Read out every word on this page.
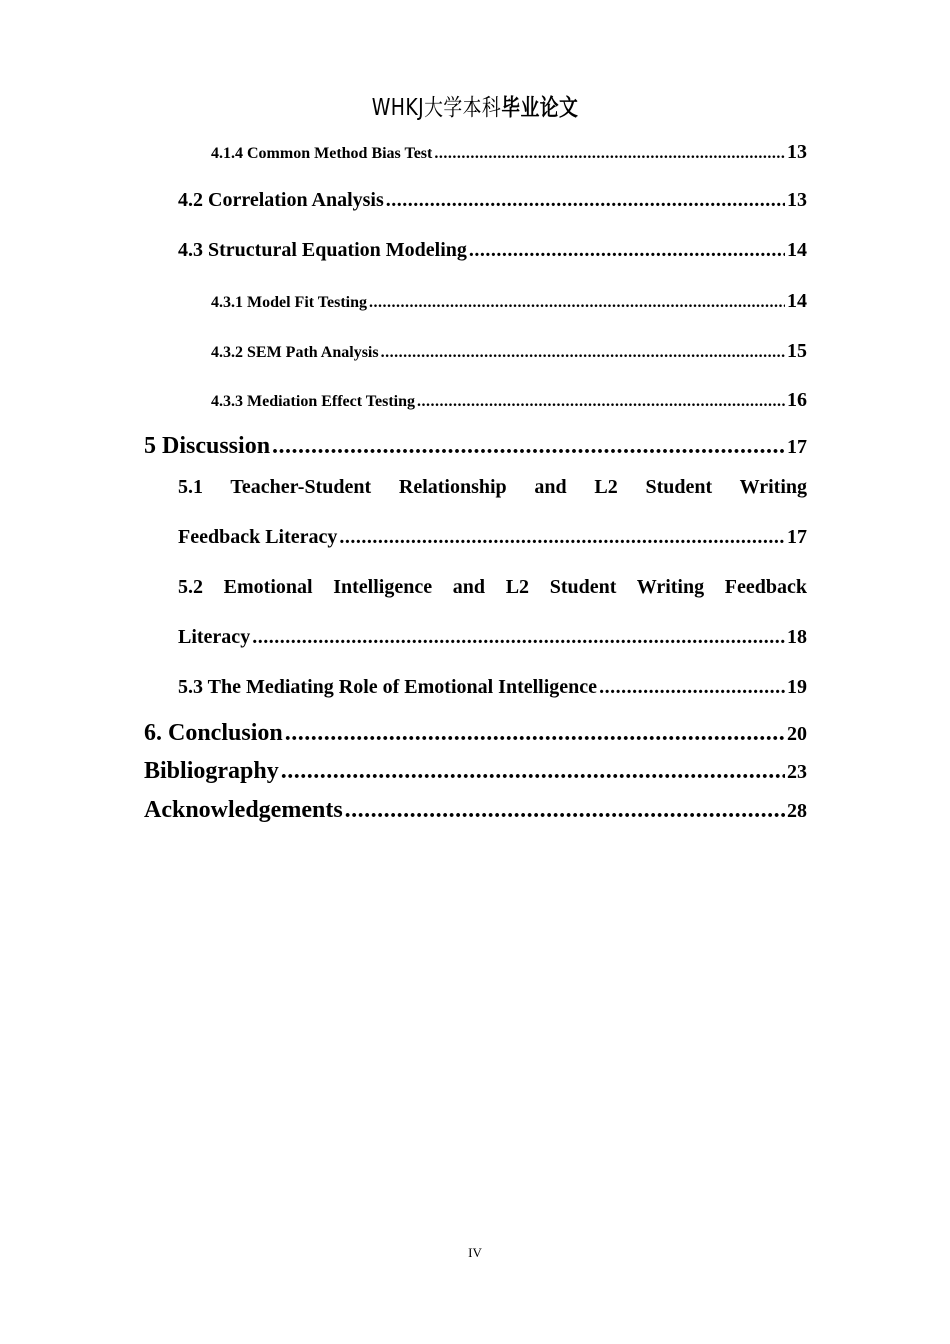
WHKJ大学本科毕业论文
4.1.4 Common Method Bias Test .....	13
4.2 Correlation Analysis .....	13
4.3 Structural Equation Modeling .....	14
4.3.1 Model Fit Testing .....	14
4.3.2 SEM Path Analysis .....	15
4.3.3 Mediation Effect Testing .....	16
5 Discussion .....	17
5.1 Teacher-Student Relationship and L2 Student Writing
Feedback Literacy .....	17
5.2 Emotional Intelligence and L2 Student Writing Feedback
Literacy .....	18
5.3 The Mediating Role of Emotional Intelligence .....	19
6. Conclusion .....	20
Bibliography .....	23
Acknowledgements .....	28
IV
